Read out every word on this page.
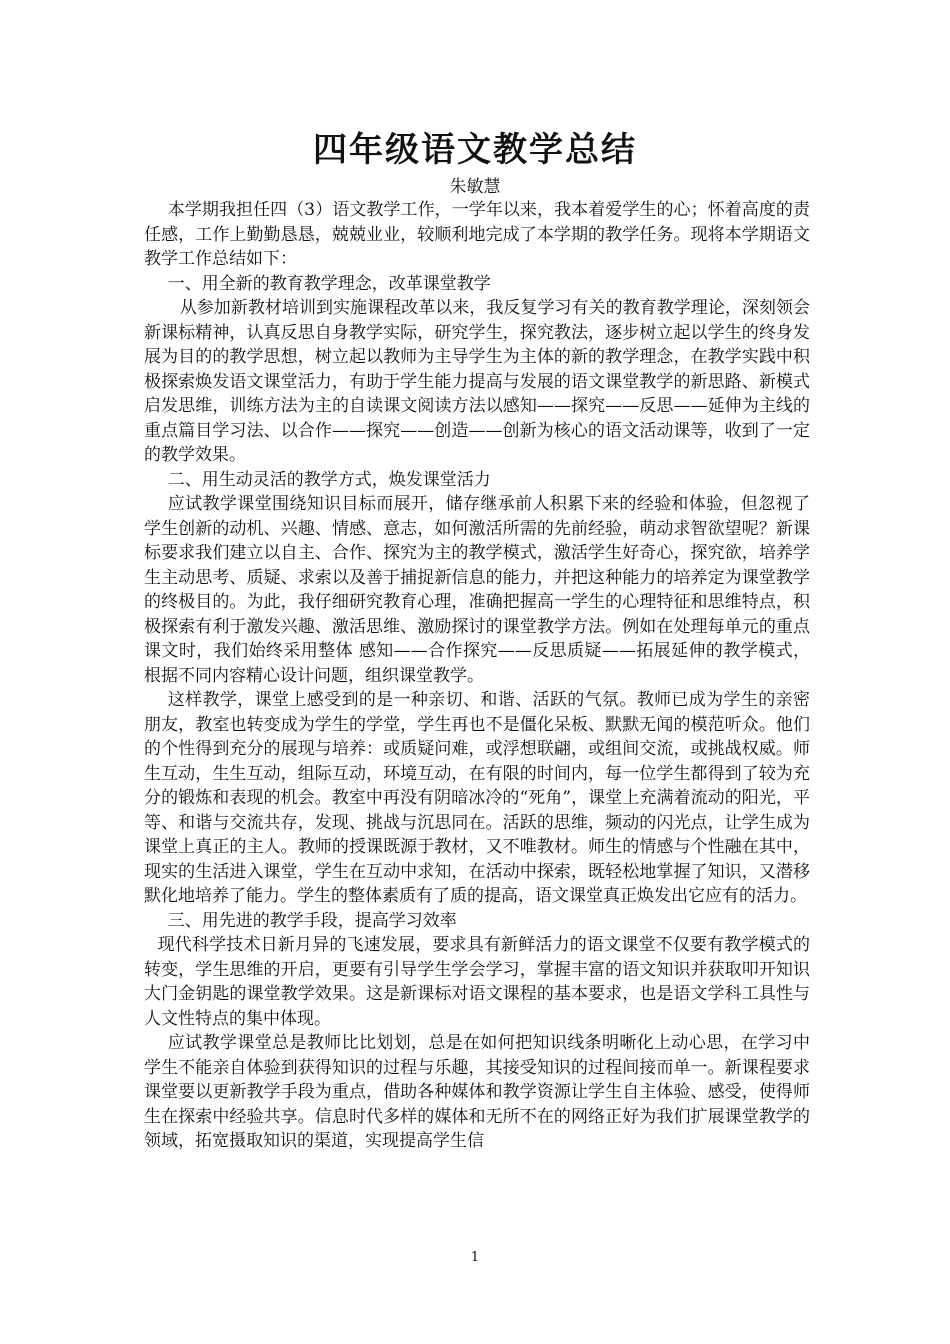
四年级语文教学总结
朱敏慧

本学期我担任四（3）语文教学工作，一学年以来，我本着爱学生的心；怀着高度的责任感，工作上勤勤恳恳，兢兢业业，较顺利地完成了本学期的教学任务。现将本学期语文教学工作总结如下：

一、用全新的教育教学理念，改革课堂教学

从参加新教材培训到实施课程改革以来，我反复学习有关的教育教学理论，深刻领会新课标精神，认真反思自身教学实际，研究学生，探究教法，逐步树立起以学生的终身发展为目的的教学思想，树立起以教师为主导学生为主体的新的教学理念，在教学实践中积极探索焕发语文课堂活力，有助于学生能力提高与发展的语文课堂教学的新思路、新模式启发思维，训练方法为主的自读课文阅读方法以感知——探究——反思——延伸为主线的重点篇目学习法、以合作——探究——创造——创新为核心的语文活动课等，收到了一定的教学效果。

二、用生动灵活的教学方式，焕发课堂活力

应试教学课堂围绕知识目标而展开，储存继承前人积累下来的经验和体验，但忽视了学生创新的动机、兴趣、情感、意志，如何激活所需的先前经验，萌动求智欲望呢？新课标要求我们建立以自主、合作、探究为主的教学模式，激活学生好奇心，探究欲，培养学生主动思考、质疑、求索以及善于捕捉新信息的能力，并把这种能力的培养定为课堂教学的终极目的。为此，我仔细研究教育心理，准确把握高一学生的心理特征和思维特点，积极探索有利于激发兴趣、激活思维、激励探讨的课堂教学方法。例如在处理每单元的重点课文时，我们始终采用整体 感知——合作探究——反思质疑——拓展延伸的教学模式，根据不同内容精心设计问题，组织课堂教学。

这样教学，课堂上感受到的是一种亲切、和谐、活跃的气氛。教师已成为学生的亲密朋友，教室也转变成为学生的学堂，学生再也不是僵化呆板、默默无闻的模范听众。他们的个性得到充分的展现与培养：或质疑问难，或浮想联翩，或组间交流，或挑战权威。师生互动，生生互动，组际互动，环境互动，在有限的时间内，每一位学生都得到了较为充分的锻炼和表现的机会。教室中再没有阴暗冰冷的“死角”，课堂上充满着流动的阳光，平等、和谐与交流共存，发现、挑战与沉思同在。活跃的思维，频动的闪光点，让学生成为课堂上真正的主人。教师的授课既源于教材，又不唯教材。师生的情感与个性融在其中，现实的生活进入课堂，学生在互动中求知，在活动中探索，既轻松地掌握了知识，又潜移默化地培养了能力。学生的整体素质有了质的提高，语文课堂真正焕发出它应有的活力。

三、用先进的教学手段，提高学习效率

现代科学技术日新月异的飞速发展，要求具有新鲜活力的语文课堂不仅要有教学模式的转变，学生思维的开启，更要有引导学生学会学习，掌握丰富的语文知识并获取叩开知识大门金钥匙的课堂教学效果。这是新课标对语文课程的基本要求，也是语文学科工具性与人文性特点的集中体现。

应试教学课堂总是教师比比划划，总是在如何把知识线条明晰化上动心思，在学习中学生不能亲自体验到获得知识的过程与乐趣，其接受知识的过程间接而单一。新课程要求课堂要以更新教学手段为重点，借助各种媒体和教学资源让学生自主体验、感受，使得师生在探索中经验共享。信息时代多样的媒体和无所不在的网络正好为我们扩展课堂教学的领域，拓宽摄取知识的渠道，实现提高学生信

1
